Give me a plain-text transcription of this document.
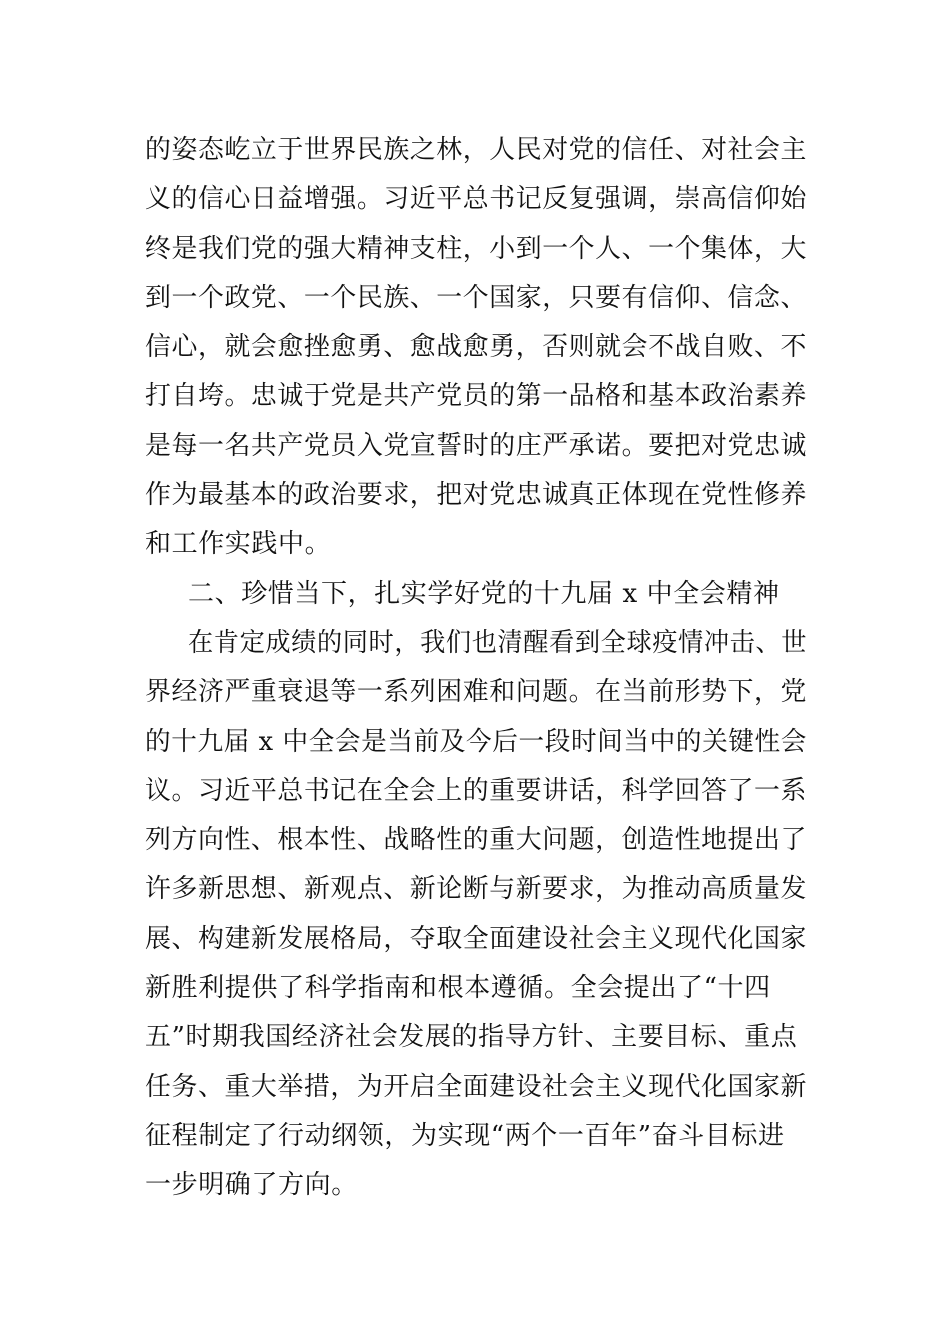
的姿态屹立于世界民族之林，人民对党的信任、对社会主
义的信心日益增强。习近平总书记反复强调，崇高信仰始
终是我们党的强大精神支柱，小到一个人、一个集体，大
到一个政党、一个民族、一个国家，只要有信仰、信念、
信心，就会愈挫愈勇、愈战愈勇，否则就会不战自败、不
打自垮。忠诚于党是共产党员的第一品格和基本政治素养
是每一名共产党员入党宣誓时的庄严承诺。要把对党忠诚
作为最基本的政治要求，把对党忠诚真正体现在党性修养
和工作实践中。
二、珍惜当下，扎实学好党的十九届 x 中全会精神
在肯定成绩的同时，我们也清醒看到全球疫情冲击、世
界经济严重衰退等一系列困难和问题。在当前形势下，党
的十九届 x 中全会是当前及今后一段时间当中的关键性会
议。习近平总书记在全会上的重要讲话，科学回答了一系
列方向性、根本性、战略性的重大问题，创造性地提出了
许多新思想、新观点、新论断与新要求，为推动高质量发
展、构建新发展格局，夺取全面建设社会主义现代化国家
新胜利提供了科学指南和根本遵循。全会提出了“十四
五”时期我国经济社会发展的指导方针、主要目标、重点
任务、重大举措，为开启全面建设社会主义现代化国家新
征程制定了行动纲领，为实现“两个一百年”奋斗目标进
一步明确了方向。
